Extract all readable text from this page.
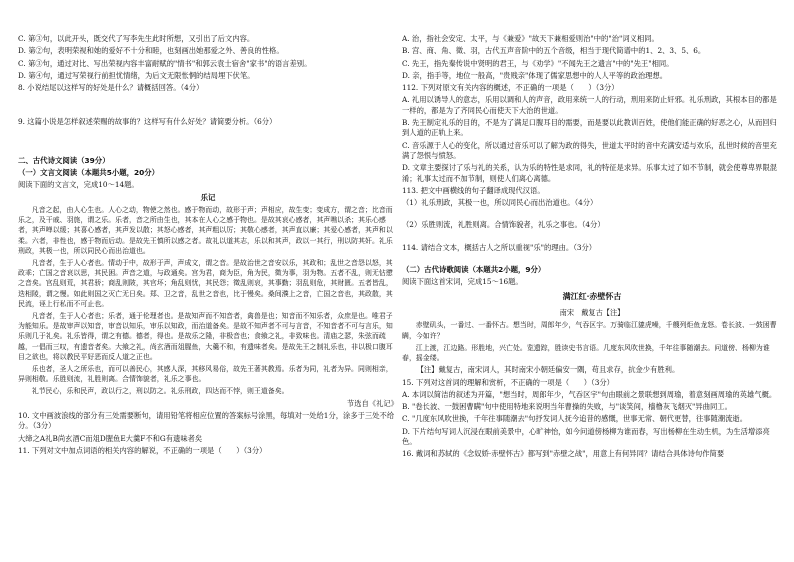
C. 第③句，以此开头，既交代了写李先生此时所想，又引出了后文内容。

D. 第②句，表明荣视和她的爱好不十分和睦，也刻画出她那爱之外、善良的性格。

C. 第③句，通过对比、写出荣视内容丰富耐赋的"情书"和郭云袁士宿舍"家书"的语言差别。

D. 第④句，通过写荣视行前担忧情绪，为后文无限怅惘的结局埋下伏笔。

8. 小说结尾以这样写的好处是什么？请概括回答。（4分）

9. 这篇小说是怎样叙述荣赐的故事的？这样写有什么好处？请简要分析。（6分）

二、古代诗文阅读（39分）

（一）文言文阅读（本题共5小题，20分）

阅读下面的文言文，完成10～14题。

乐记

凡音之起，由人心生也。人心之动，物使之然也。感于物而动，故形于声；声相应，故生变；变成方，谓之音；比音而乐之，及干戚、羽旄，谓之乐。乐者，音之所由生也，其本在人心之感于物也。是故其哀心感者，其声噍以杀；其乐心感者，其声啴以缓；其喜心感者，其声发以散；其怒心感者，其声粗以厉；其敬心感者，其声直以廉；其爱心感者，其声和以柔。六者，非性也，感于物而后动。是故先王慎所以感之者。故礼以道其志，乐以和其声，政以一其行，刑以防其奸。礼乐刑政，其极一也，所以同民心而出治道也。

凡音者，生于人心者也。情动于中，故形于声，声成文，谓之音。是故治世之音安以乐，其政和；乱世之音怨以怒，其政乖；亡国之音哀以思，其民困。声音之道，与政通矣。宫为君，商为臣，角为民，徵为事，羽为物。五者不乱，则无怗懘之音矣。宫乱则荒，其君骄；商乱则陂，其官坏；角乱则忧，其民怨；徵乱则哀，其事勤；羽乱则危，其财匮。五者皆乱，迭相陵，谓之慢。如此则国之灭亡无日矣。郑、卫之音，乱世之音也，比于慢矣。桑间濮上之音，亡国之音也，其政散，其民流，诬上行私而不可止也。

凡音者，生于人心者也；乐者，通于伦理者也。是故知声而不知音者，禽兽是也；知音而不知乐者，众庶是也。唯君子为能知乐。是故审声以知音，审音以知乐，审乐以知政，而治道备矣。是故不知声者不可与言音，不知音者不可与言乐，知乐则几于礼矣。礼乐皆得，谓之有德。德者，得也。是故乐之隆，非极音也；食飨之礼，非致味也。清庙之瑟，朱弦而疏越，一倡而三叹，有遗音者矣。大飨之礼，尚玄酒而俎腥鱼，大羹不和，有遗味者矣。是故先王之制礼乐也，非以极口腹耳目之欲也，将以教民平好恶而反人道之正也。

乐也者，圣人之所乐也，而可以善民心，其感人深，其移风易俗，故先王著其教焉。乐者为同，礼者为异。同则相亲，异则相敬。乐胜则流，礼胜则离。合情饰貌者，礼乐之事也。

礼节民心，乐和民声，政以行之，刑以防之。礼乐刑政，四达而不悖，则王道备矣。

节选自《礼记》

10. 文中画波浪线的部分有三处需要断句，请用铅笔将相应位置的答案标号涂黑，每填对一处给1分，涂多于三处不给分。（3分）

大缔之A礼B尚玄酒C而俎D腥鱼E大羹F不和G有遗味者矣

11. 下列对文中加点词语的相关内容的解说，不正确的一项是（　　）（3分）

A. 治，指社会安定、太平，与《兼爱》"故天下兼相爱则治"中的"治"词义相同。

B. 宫、商、角、徵、羽，古代五声音阶中的五个音级，相当于现代简谱中的1、2、3、5、6。

C. 先王，指先秦传说中贤明的君王，与《劝学》"不闻先王之遗言"中的"先王"相同。

D. 亲，指手等，地位一般高，"贵贱亲"体现了儒家思想中的人人平等的政治理想。

112. 下列对原文有关内容的概述，不正确的一项是（　　）（3分）

A. 礼用以诱导人的意志，乐用以调和人的声音，政用来统一人的行动，刑用来防止奸邪。礼乐刑政，其根本目的都是一样的，都是为了齐同民心而使天下大治的世道。

B. 先王制定礼乐的目的，不是为了满足口腹耳目的需要，而是要以此教训百姓，使他们能正确的好恶之心，从而回归到人道的正轨上来。

C. 音乐源于人心的变化，所以通过音乐可以了解为政的得失，世道太平时的音中充满安适与欢乐，乱世时候的音里充满了怨恨与愤怒。

D. 文章主要探讨了乐与礼的关系，认为乐的特性是求同，礼的特征是求异。乐事太过了如不节制，就会使尊卑界限混淆；礼事太过而不加节制，则使人们离心离德。

113. 把文中画横线的句子翻译成现代汉语。

（1）礼乐刑政，其极一也，所以同民心而出治道也。（4分）

（2）乐胜则流，礼胜则离。合情饰貌者，礼乐之事也。（4分）

114. 请结合文本，概括古人之所以重视"乐"的理由。（3分）

（二）古代诗歌阅读（本题共2小题，9分）

阅读下面这首宋词，完成15～16题。

满江红·赤壁怀古

南宋　戴复古【注】

赤壁矶头，一番过、一番怀古。想当时，周郎年少，气吞区宇。万骑临江貔虎噪，千艘列炬鱼龙怒。卷长波、一鼓困曹瞒，今如许？

江上渡，江边路。形胜地，兴亡处。览遗踪，胜读史书言语。几度东风吹世换，千年往事随潮去。问道傍、杨柳为谁春，摇金缕。

【注】戴复古，南宋词人，其时南宋小朝廷偏安一隅，苟且求存，抗金少有胜利。

15. 下列对这首词的理解和赏析，不正确的一项是（　　）（3分）

A. 本词以简洁的叙述为开篇，"想当时，周郎年少，气吞区宇"句由眼前之景联想到周瑜，着意刻画周瑜的英雄气概。

B. "卷长波、一鼓困曹瞒"句中使用特地来说明当年曹操的失败，与"谈笑间，樯橹灰飞烟灭"异曲同工。

C. "几度东风吹世换，千年往事随潮去"句抒发词人抚今追昔的感慨，世事无常、朝代更替，往事随潮流逝。

D. 下片结句写词人沉浸在眼前美景中，心旷神怡，如今问道傍杨柳为谁而春，写出杨柳在生动生机，为生活增添亮色。

16. 戴词和苏轼的《念奴娇·赤壁怀古》都写到"赤壁之战"，用意上有何异同？请结合具体诗句作简要
